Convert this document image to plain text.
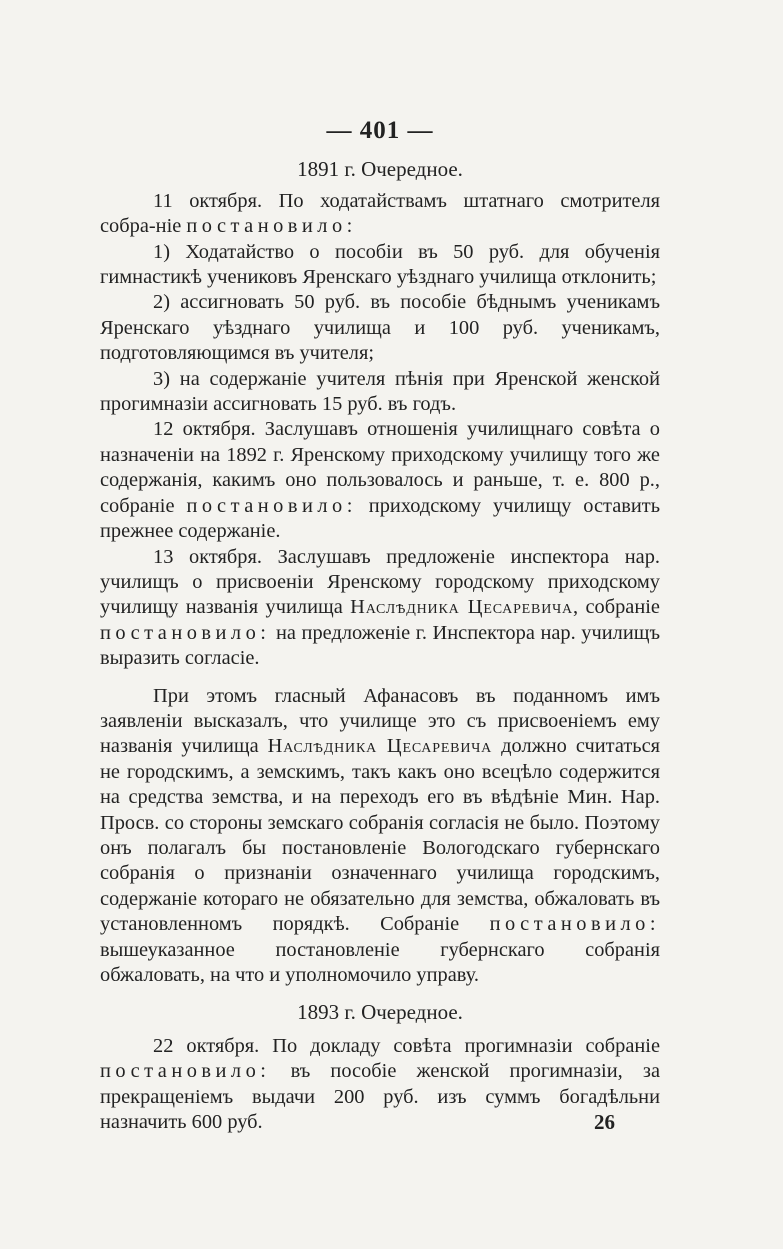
— 401 —
1891 г. Очередное.

11 октября. По ходатайствамъ штатнаго смотрителя собра-ніе постановило:

1) Ходатайство о пособіи въ 50 руб. для обученія гимнастикѣ учениковъ Яренскаго уѣзднаго училища отклонить;

2) ассигновать 50 руб. въ пособіе бѣднымъ ученикамъ Яренскаго уѣзднаго училища и 100 руб. ученикамъ, подготовляющимся въ учителя;

3) на содержаніе учителя пѣнія при Яренской женской прогимназіи ассигновать 15 руб. въ годъ.

12 октября. Заслушавъ отношенія училищнаго совѣта о назначеніи на 1892 г. Яренскому приходскому училищу того же содержанія, какимъ оно пользовалось и раньше, т. е. 800 р., собраніе постановило: приходскому училищу оставить прежнее содержаніе.

13 октября. Заслушавъ предложеніе инспектора нар. училищъ о присвоеніи Яренскому городскому приходскому училищу названія училища Наслѣдника Цесаревича, собраніе постановило: на предложеніе г. Инспектора нар. училищъ выразить согласіе.

При этомъ гласный Афанасовъ въ поданномъ имъ заявленіи высказалъ, что училище это съ присвоеніемъ ему названія училища Наслѣдника Цесаревича должно считаться не городскимъ, а земскимъ, такъ какъ оно всецѣло содержится на средства земства, и на переходъ его въ вѣдѣніе Мин. Нар. Просв. со стороны земскаго собранія согласія не было. Поэтому онъ полагалъ бы постановленіе Вологодскаго губернскаго собранія о признаніи означеннаго училища городскимъ, содержаніе котораго не обязательно для земства, обжаловать въ установленномъ порядкѣ. Собраніе постановило: вышеуказанное постановленіе губернскаго собранія обжаловать, на что и уполномочило управу.

1893 г. Очередное.

22 октября. По докладу совѣта прогимназіи собраніе постановило: въ пособіе женской прогимназіи, за прекращеніемъ выдачи 200 руб. изъ суммъ богадѣльни назначить 600 руб.	26
